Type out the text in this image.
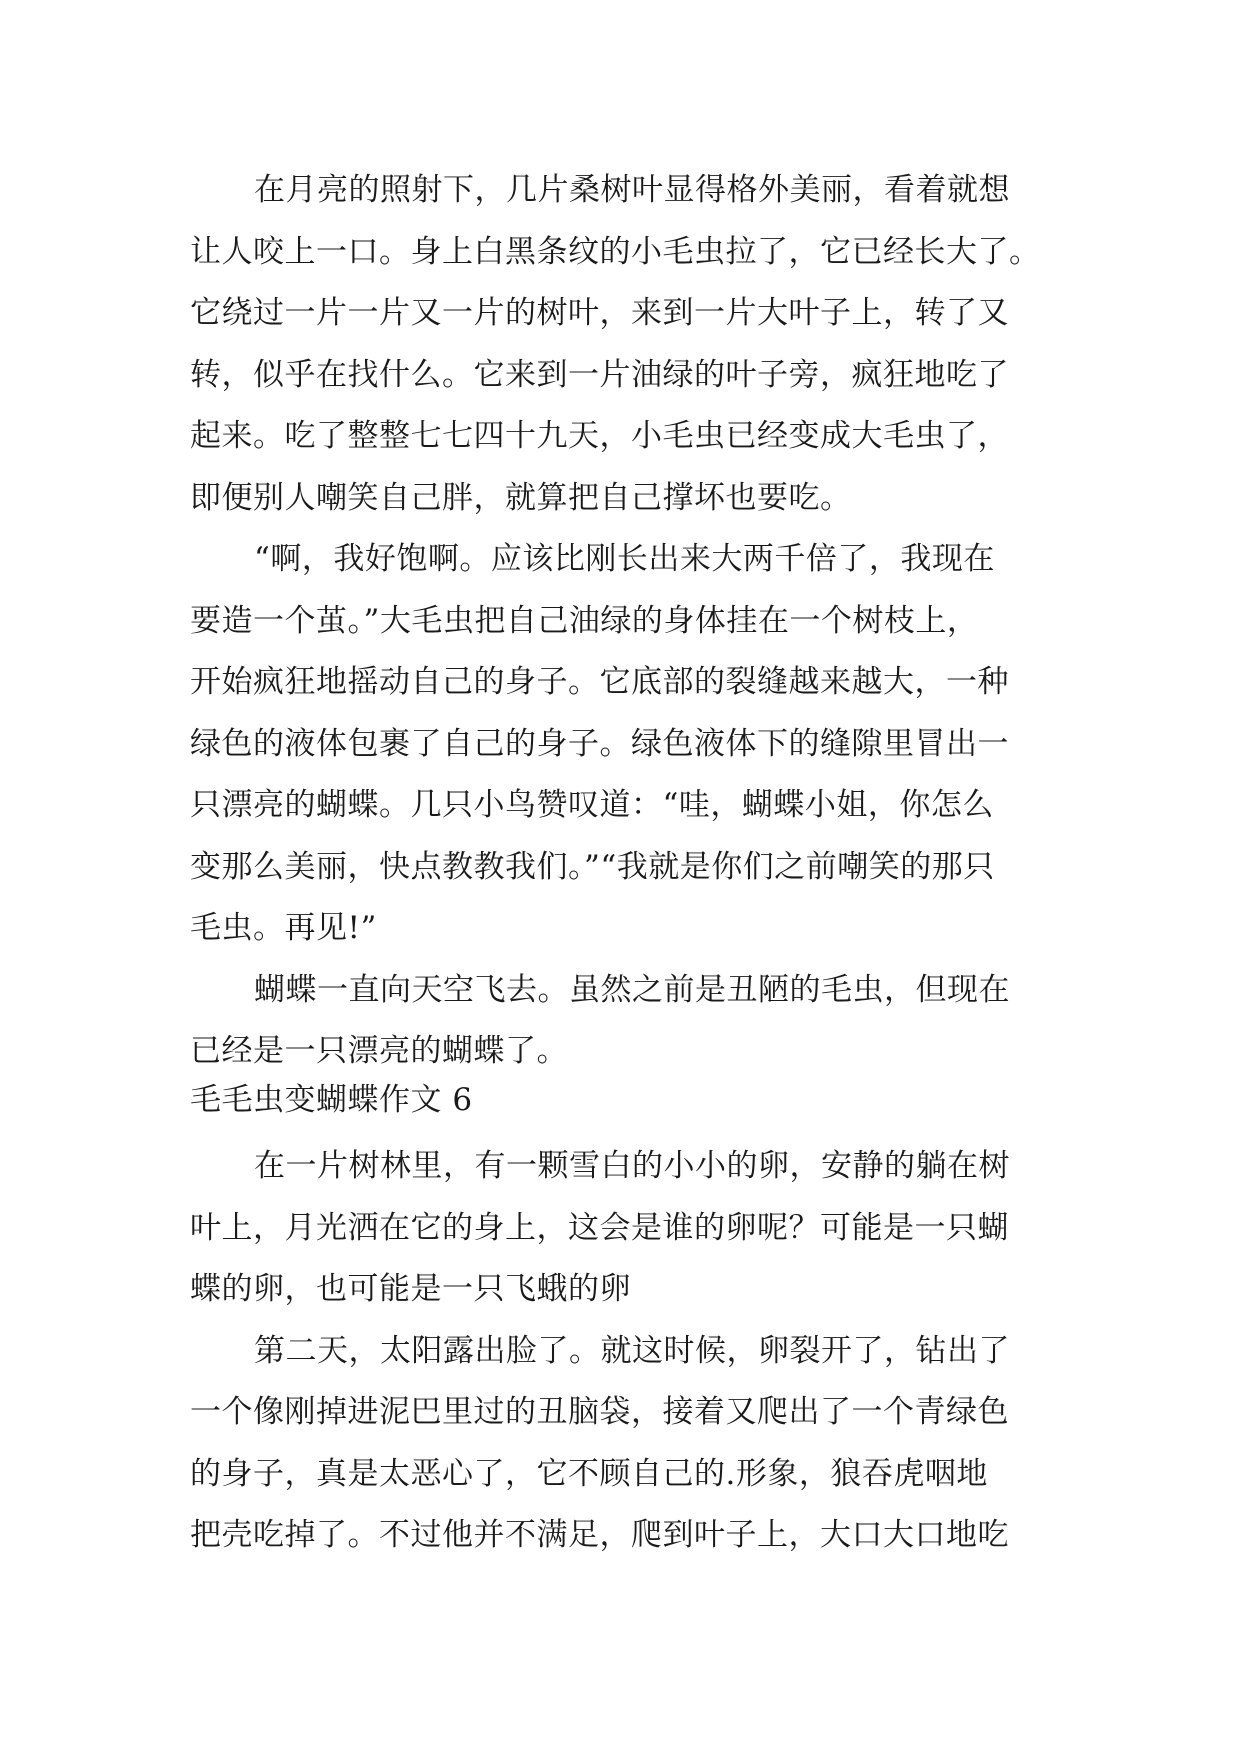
在月亮的照射下，几片桑树叶显得格外美丽，看着就想
让人咬上一口。身上白黑条纹的小毛虫拉了，它已经长大了。
它绕过一片一片又一片的树叶，来到一片大叶子上，转了又
转，似乎在找什么。它来到一片油绿的叶子旁，疯狂地吃了
起来。吃了整整七七四十九天，小毛虫已经变成大毛虫了，
即便别人嘲笑自己胖，就算把自己撑坏也要吃。
“啊，我好饱啊。应该比刚长出来大两千倍了，我现在
要造一个茧。”大毛虫把自己油绿的身体挂在一个树枝上，
开始疯狂地摇动自己的身子。它底部的裂缝越来越大，一种
绿色的液体包裹了自己的身子。绿色液体下的缝隙里冒出一
只漂亮的蝴蝶。几只小鸟赞叹道：“哇，蝴蝶小姐，你怎么
变那么美丽，快点教教我们。”“我就是你们之前嘲笑的那只
毛虫。再见!”
蝴蝶一直向天空飞去。虽然之前是丑陋的毛虫，但现在
已经是一只漂亮的蝴蝶了。
毛毛虫变蝴蝶作文 6
在一片树林里，有一颗雪白的小小的卵，安静的躺在树
叶上，月光洒在它的身上，这会是谁的卵呢？可能是一只蝴
蝶的卵，也可能是一只飞蛾的卵
第二天，太阳露出脸了。就这时候，卵裂开了，钻出了
一个像刚掉进泥巴里过的丑脑袋，接着又爬出了一个青绿色
的身子，真是太恶心了，它不顾自己的.形象，狼吞虎咽地
把壳吃掉了。不过他并不满足，爬到叶子上，大口大口地吃
